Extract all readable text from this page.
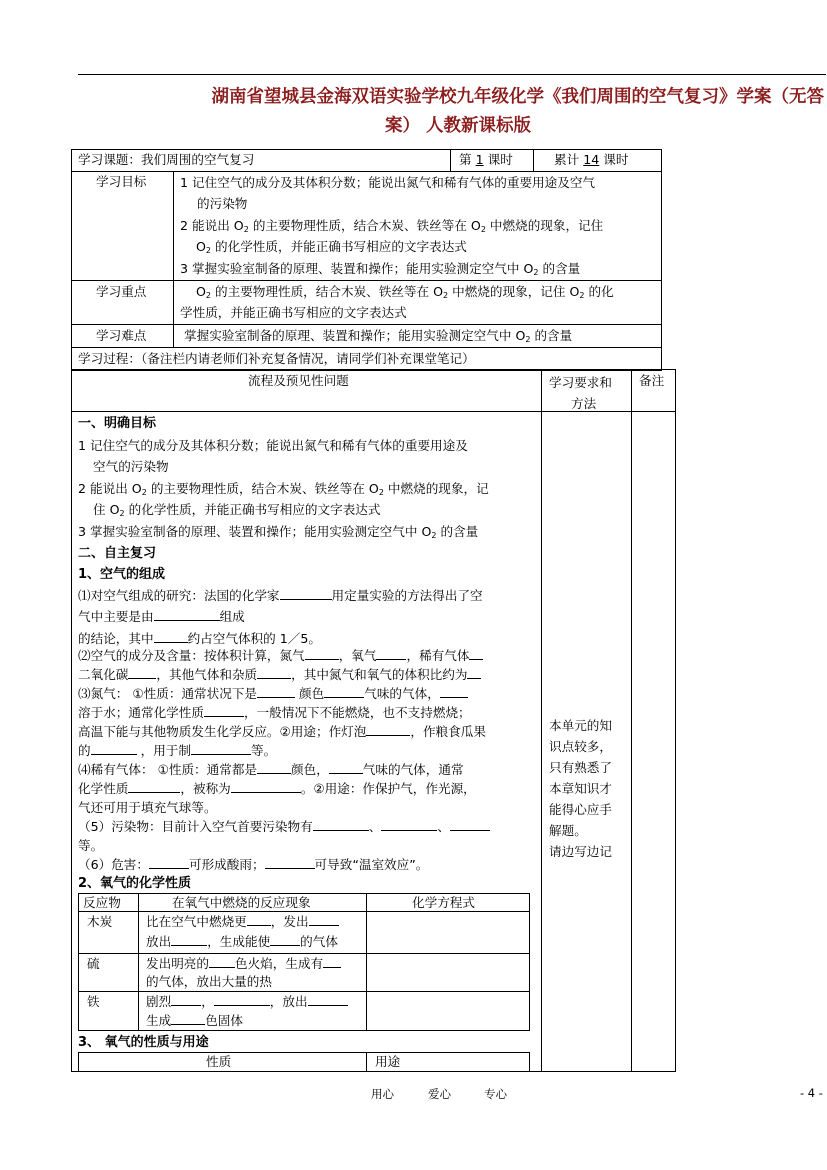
湖南省望城县金海双语实验学校九年级化学《我们周围的空气复习》学案（无答
案） 人教新课标版
学习课题：我们周围的空气复习	第 1 课时	累计 14 课时
学习目标	1 记住空气的成分及其体积分数；能说出氮气和稀有气体的重要用途及空气
的污染物
2 能说出 $O_2$ 的主要物理性质，结合木炭、铁丝等在 $O_2$ 中燃烧的现象，记住
$O_2$ 的化学性质，并能正确书写相应的文字表达式
3 掌握实验室制备的原理、装置和操作；能用实验测定空气中 $O_2$ 的含量
学习重点	$O_2$ 的主要物理性质，结合木炭、铁丝等在 $O_2$ 中燃烧的现象，记住 $O_2$ 的化
学性质，并能正确书写相应的文字表达式
学习难点	掌握实验室制备的原理、装置和操作；能用实验测定空气中 $O_2$ 的含量
学习过程：（备注栏内请老师们补充复备情况，请同学们补充课堂笔记）
流程及预见性问题	学习要求和
方法
备注
一、明确目标
1 记住空气的成分及其体积分数；能说出氮气和稀有气体的重要用途及
空气的污染物
2 能说出 $O_2$ 的主要物理性质，结合木炭、铁丝等在 $O_2$ 中燃烧的现象，记
住 $O_2$ 的化学性质，并能正确书写相应的文字表达式
3 掌握实验室制备的原理、装置和操作；能用实验测定空气中 $O_2$ 的含量
二、自主复习
1、空气的组成
⑴对空气组成的研究：法国的化学家	用定量实验的方法得出了空
气中主要是由	组成
的结论，其中	约占空气体积的 1／5。
⑵空气的成分及含量：按体积计算，氮气	，氧气 ，稀有气体
二氧化碳 ，其他气体和杂质	，其中氮气和氧气的体积比约为
⑶氮气： ①性质：通常状况下是	颜色	气味的气体，
溶于水；通常化学性质	，一般情况下不能燃烧，也不支持燃烧；
高温下能与其他物质发生化学反应。②用途；作灯泡	，作粮食瓜果
的	，用于制	等。
⑷稀有气体： ①性质：通常都是	颜色，	气味的气体，通常
化学性质	，被称为	。②用途：作保护气，作光源，
气还可用于填充气球等。
（5）污染物：目前计入空气首要污染物有	、	、
等。
（6）危害：	可形成酸雨；	可导致“温室效应”。
2、氧气的化学性质
反应物	在氧气中燃烧的反应现象	化学方程式
木炭	比在空气中燃烧更 ，发出
放出	，生成能使 的气体
硫	发出明亮的 色火焰，生成有
的气体，放出大量的热
铁	剧烈 ，	，放出
生成	色固体
3、 氧气的性质与用途
性质	用途
本单元的知
识点较多，
只有熟悉了
本章知识才
能得心应手
解题。
请边写边记
用心	爱心	专心	- 4 -
